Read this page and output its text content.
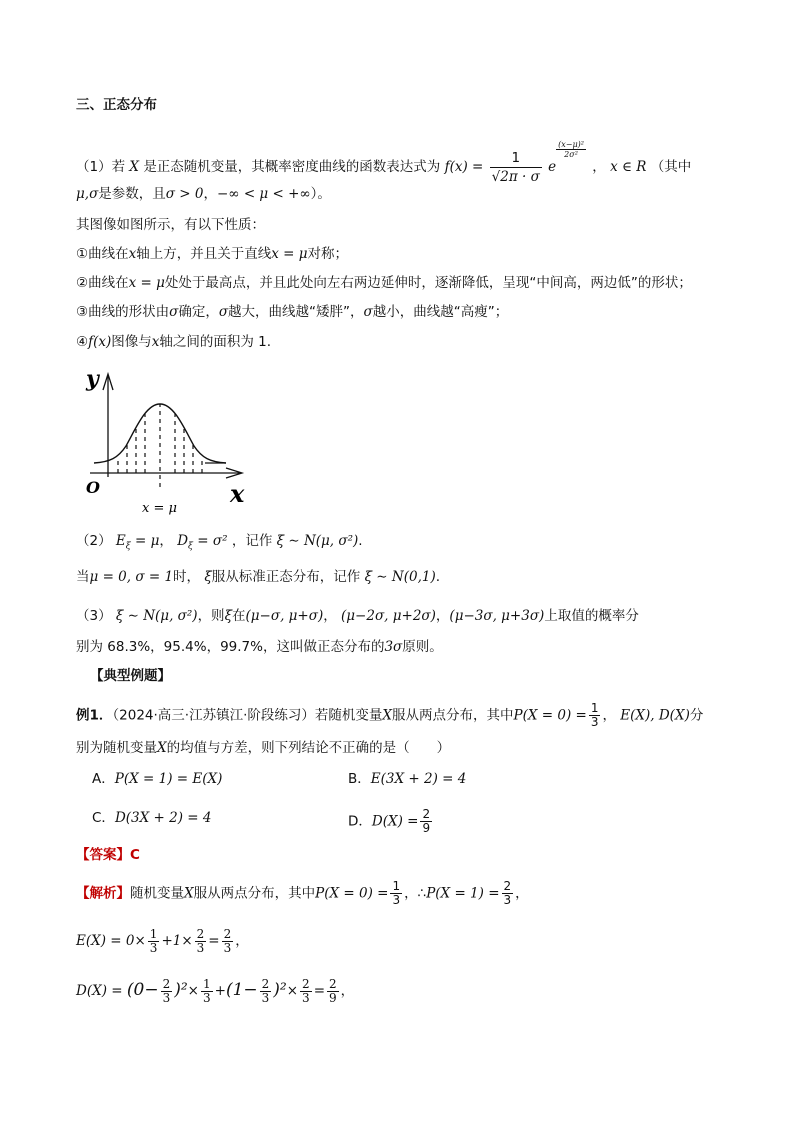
三、正态分布
（1）若 X 是正态随机变量，其概率密度曲线的函数表达式为 $f(x) = \frac{1}{√2\pi \cdot \sigma}$ e
$\frac{\text{(x−μ)²}}{\text{2σ²}}$
， x ∈ R （其中
μ,σ是参数，且σ > 0，−∞ < μ < +∞）。
其图像如图所示，有以下性质：
①曲线在x轴上方，并且关于直线x = μ对称；
②曲线在x = μ处处于最高点，并且此处向左右两边延伸时，逐渐降低，呈现“中间高，两边低”的形状；
③曲线的形状由σ确定，σ越大，曲线越“矮胖”，σ越小，曲线越“高瘦”；
④f(x)图像与x轴之间的面积为 1.
y
x
O
x = μ
（2） $E_\xi = \mu$， $D_\xi = \sigma^2$ ，记作 ξ ∼ N(μ, σ²).
当μ = 0, σ = 1时， ξ服从标准正态分布，记作 ξ ∼ N(0,1).
（3） ξ ∼ N(μ, σ²)，则ξ在(μ−σ, μ+σ)， (μ−2σ, μ+2σ)，(μ−3σ, μ+3σ)上取值的概率分
别为 68.3%，95.4%，99.7%，这叫做正态分布的3σ原则。
【典型例题】
例1．（2024·高三·江苏镇江·阶段练习）若随机变量X服从两点分布，其中$P(X = 0) = \frac{1}{3}$ ， E(X), D(X)分
别为随机变量X的均值与方差，则下列结论不正确的是（　　）
A．P(X = 1) = E(X)	B．E(3X + 2) = 4
C．D(3X + 2) = 4	D．$D(X) = \frac{2}{9}$
【答案】C
【解析】随机变量X服从两点分布，其中$P(X = 0) = \frac{1}{3}$ ，∴P(X = $1) = \frac{2}{3}$ ，
$E(X) = 0\times \frac{1}{3} +1\times \frac{2}{3} = \frac{2}{3}$ ，
$D(X) = (0- \frac{2}{3} )^2\times \frac{1}{3} +(1- \frac{2}{3} )^2\times \frac{2}{3} = \frac{2}{9}$ ，
